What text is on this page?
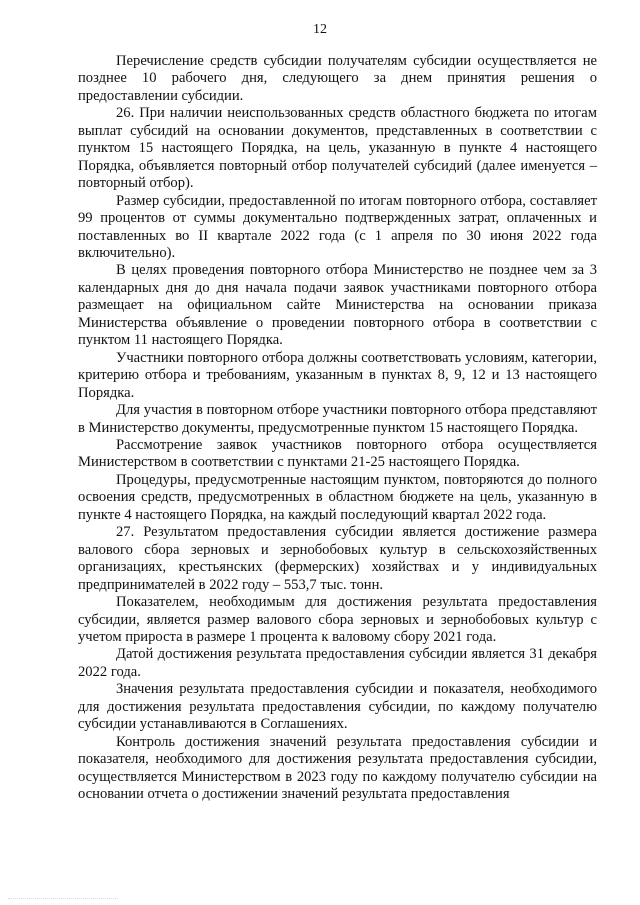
12

Перечисление средств субсидии получателям субсидии осуществляется не позднее 10 рабочего дня, следующего за днем принятия решения о предоставлении субсидии.

26. При наличии неиспользованных средств областного бюджета по итогам выплат субсидий на основании документов, представленных в соответствии с пунктом 15 настоящего Порядка, на цель, указанную в пункте 4 настоящего Порядка, объявляется повторный отбор получателей субсидий (далее именуется – повторный отбор).

Размер субсидии, предоставленной по итогам повторного отбора, составляет 99 процентов от суммы документально подтвержденных затрат, оплаченных и поставленных во II квартале 2022 года (с 1 апреля по 30 июня 2022 года включительно).

В целях проведения повторного отбора Министерство не позднее чем за 3 календарных дня до дня начала подачи заявок участниками повторного отбора размещает на официальном сайте Министерства на основании приказа Министерства объявление о проведении повторного отбора в соответствии с пунктом 11 настоящего Порядка.

Участники повторного отбора должны соответствовать условиям, категории, критерию отбора и требованиям, указанным в пунктах 8, 9, 12 и 13 настоящего Порядка.

Для участия в повторном отборе участники повторного отбора представляют в Министерство документы, предусмотренные пунктом 15 настоящего Порядка.

Рассмотрение заявок участников повторного отбора осуществляется Министерством в соответствии с пунктами 21-25 настоящего Порядка.

Процедуры, предусмотренные настоящим пунктом, повторяются до полного освоения средств, предусмотренных в областном бюджете на цель, указанную в пункте 4 настоящего Порядка, на каждый последующий квартал 2022 года.

27. Результатом предоставления субсидии является достижение размера валового сбора зерновых и зернобобовых культур в сельскохозяйственных организациях, крестьянских (фермерских) хозяйствах и у индивидуальных предпринимателей в 2022 году – 553,7 тыс. тонн.

Показателем, необходимым для достижения результата предоставления субсидии, является размер валового сбора зерновых и зернобобовых культур с учетом прироста в размере 1 процента к валовому сбору 2021 года.

Датой достижения результата предоставления субсидии является 31 декабря 2022 года.

Значения результата предоставления субсидии и показателя, необходимого для достижения результата предоставления субсидии, по каждому получателю субсидии устанавливаются в Соглашениях.

Контроль достижения значений результата предоставления субсидии и показателя, необходимого для достижения результата предоставления субсидии, осуществляется Министерством в 2023 году по каждому получателю субсидии на основании отчета о достижении значений результата предоставления
